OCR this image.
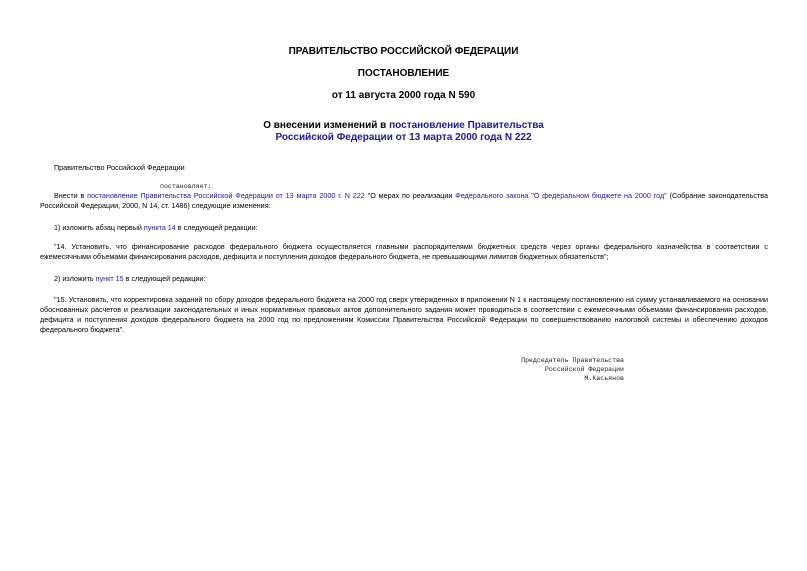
ПРАВИТЕЛЬСТВО РОССИЙСКОЙ ФЕДЕРАЦИИ
ПОСТАНОВЛЕНИЕ
от 11 августа 2000 года N 590
О внесении изменений в постановление Правительства Российской Федерации от 13 марта 2000 года N 222
Правительство Российской Федерации
постановляет:
Внести в постановление Правительства Российской Федерации от 13 марта 2000 г. N 222 "О мерах по реализации Федерального закона "О федеральном бюджете на 2000 год" (Собрание законодательства Российской Федерации, 2000, N 14, ст. 1486) следующие изменения:
1) изложить абзац первый пункта 14 в следующей редакции:
"14. Установить, что финансирование расходов федерального бюджета осуществляется главными распорядителями бюджетных средств через органы федерального казначейства в соответствии с ежемесячными объемами финансирования расходов, дефицита и поступления доходов федерального бюджета, не превышающими лимитов бюджетных обязательств";
2) изложить пункт 15 в следующей редакции:
"15. Установить, что корректировка заданий по сбору доходов федерального бюджета на 2000 год сверх утвержденных в приложении N 1 к настоящему постановлению на сумму устанавливаемого на основании обоснованных расчетов и реализации законодательных и иных нормативных правовых актов дополнительного задания может проводиться в соответствии с ежемесячными объемами финансирования расходов, дефицита и поступления доходов федерального бюджета на 2000 год по предложениям Комиссии Правительства Российской Федерации по совершенствованию налоговой системы и обеспечению доходов федерального бюджета".
Председатель Правительства
Российской Федерации
М.Касьянов
